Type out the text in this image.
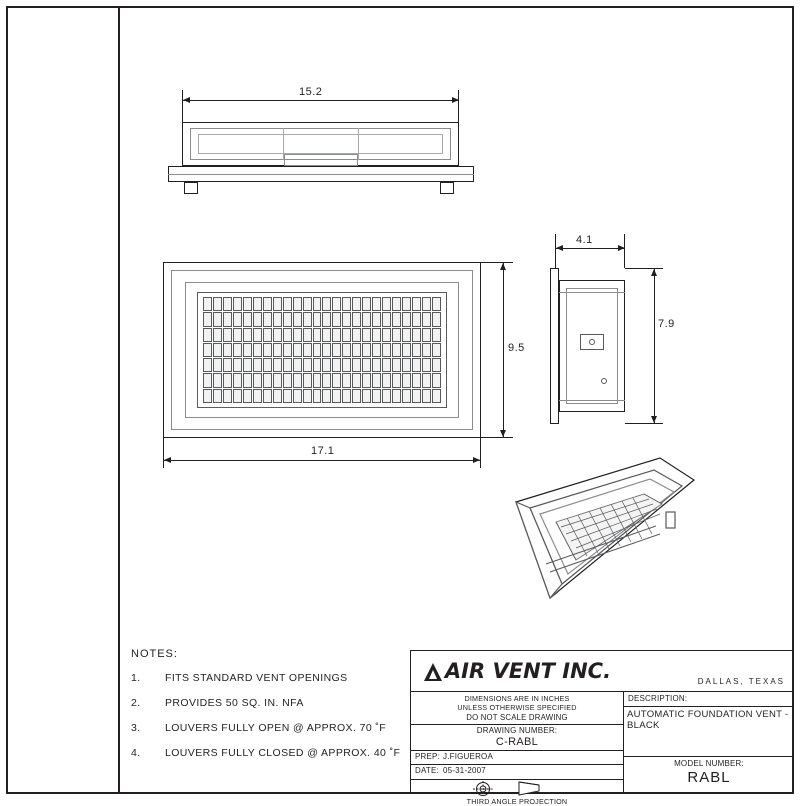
15.2
17.1
9.5
4.1
7.9
NOTES:
1.	FITS STANDARD VENT OPENINGS
2.	PROVIDES 50 SQ. IN. NFA
3.	LOUVERS FULLY OPEN @ APPROX. 70 ˚F
4.	LOUVERS FULLY CLOSED @ APPROX. 40 ˚F
AIR VENT INC.	DALLAS, TEXAS
DIMENSIONS ARE IN INCHES
UNLESS OTHERWISE SPECIFIED
DO NOT SCALE DRAWING
DRAWING NUMBER:
C-RABL
PREP: J.FIGUEROA
DATE: 05-31-2007
THIRD ANGLE PROJECTION
DESCRIPTION:
AUTOMATIC FOUNDATION VENT - BLACK
MODEL NUMBER:
RABL
